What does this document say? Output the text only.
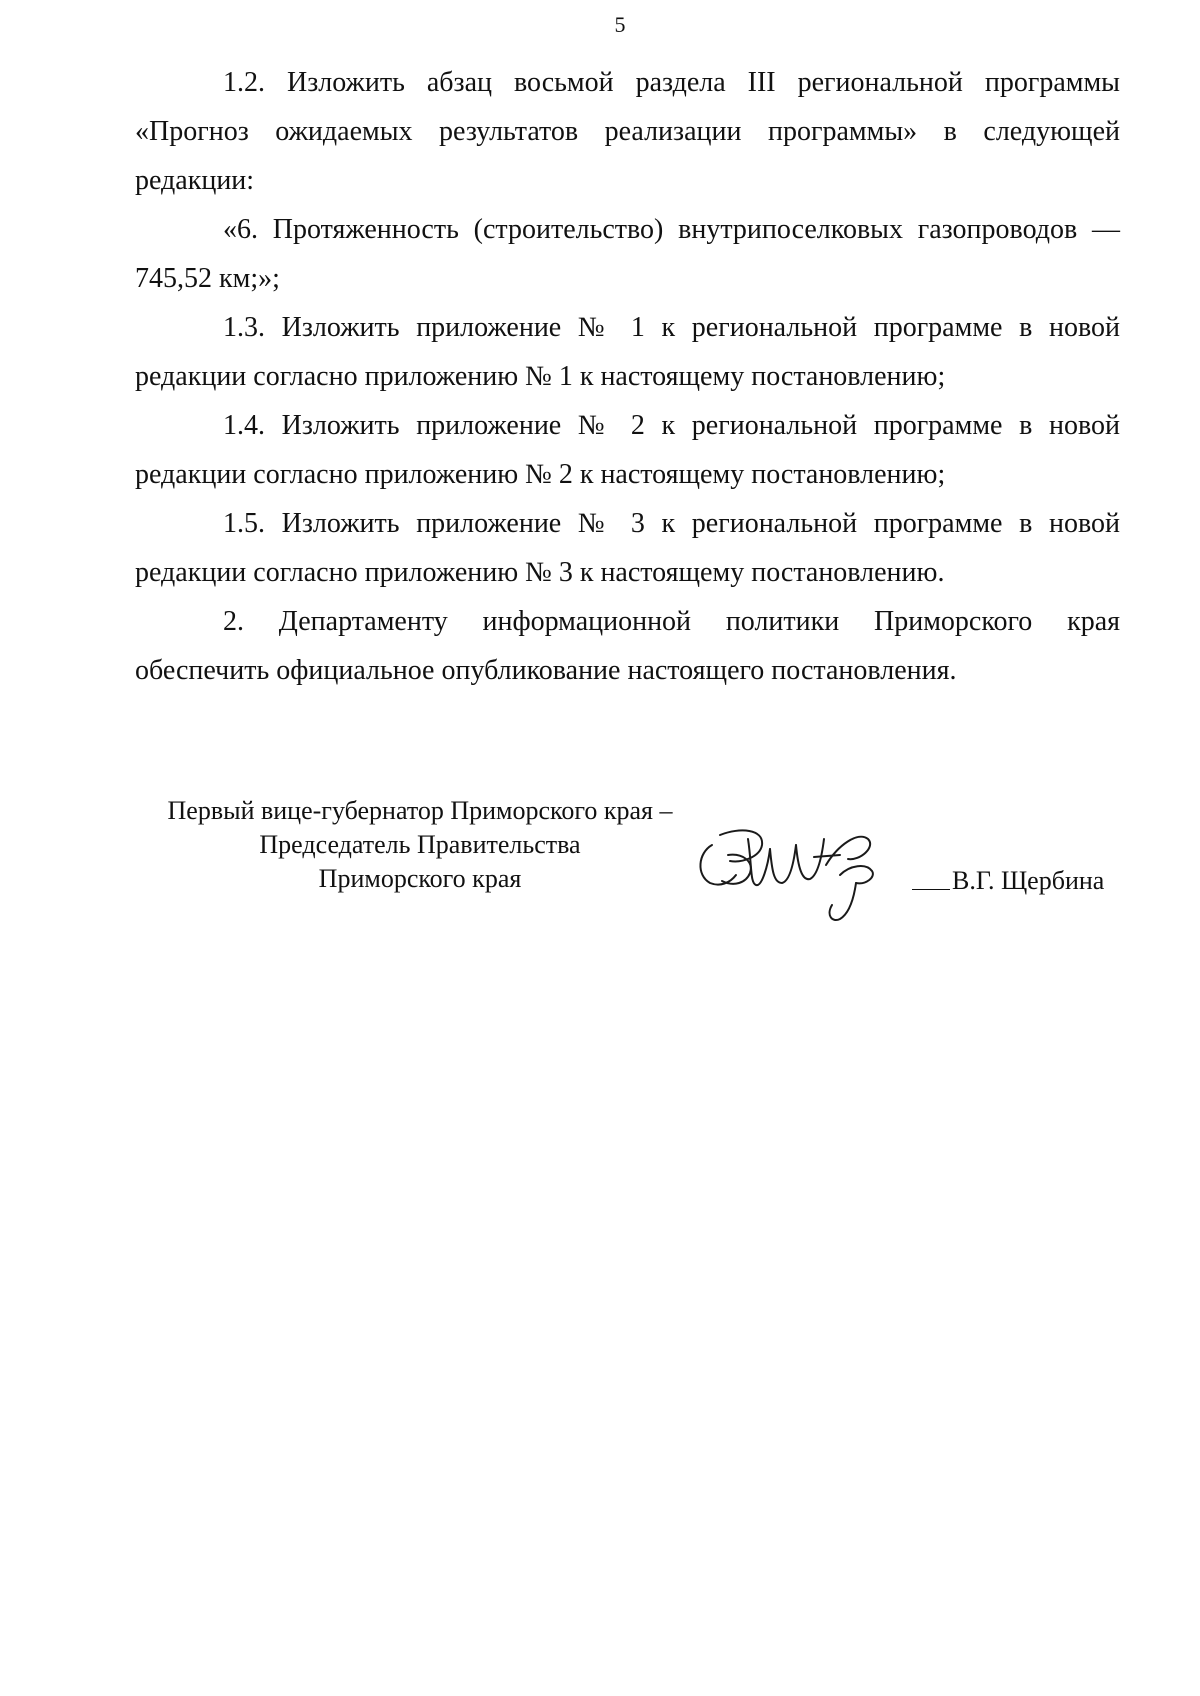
5

1.2. Изложить абзац восьмой раздела III региональной программы «Прогноз ожидаемых результатов реализации программы» в следующей редакции:

«6. Протяженность (строительство) внутрипоселковых газопроводов — 745,52 км;»;

1.3. Изложить приложение № 1 к региональной программе в новой редакции согласно приложению № 1 к настоящему постановлению;

1.4. Изложить приложение № 2 к региональной программе в новой редакции согласно приложению № 2 к настоящему постановлению;

1.5. Изложить приложение № 3 к региональной программе в новой редакции согласно приложению № 3 к настоящему постановлению.

2. Департаменту информационной политики Приморского края обеспечить официальное опубликование настоящего постановления.

Первый вице-губернатор Приморского края –
Председатель Правительства
Приморского края	В.Г. Щербина
